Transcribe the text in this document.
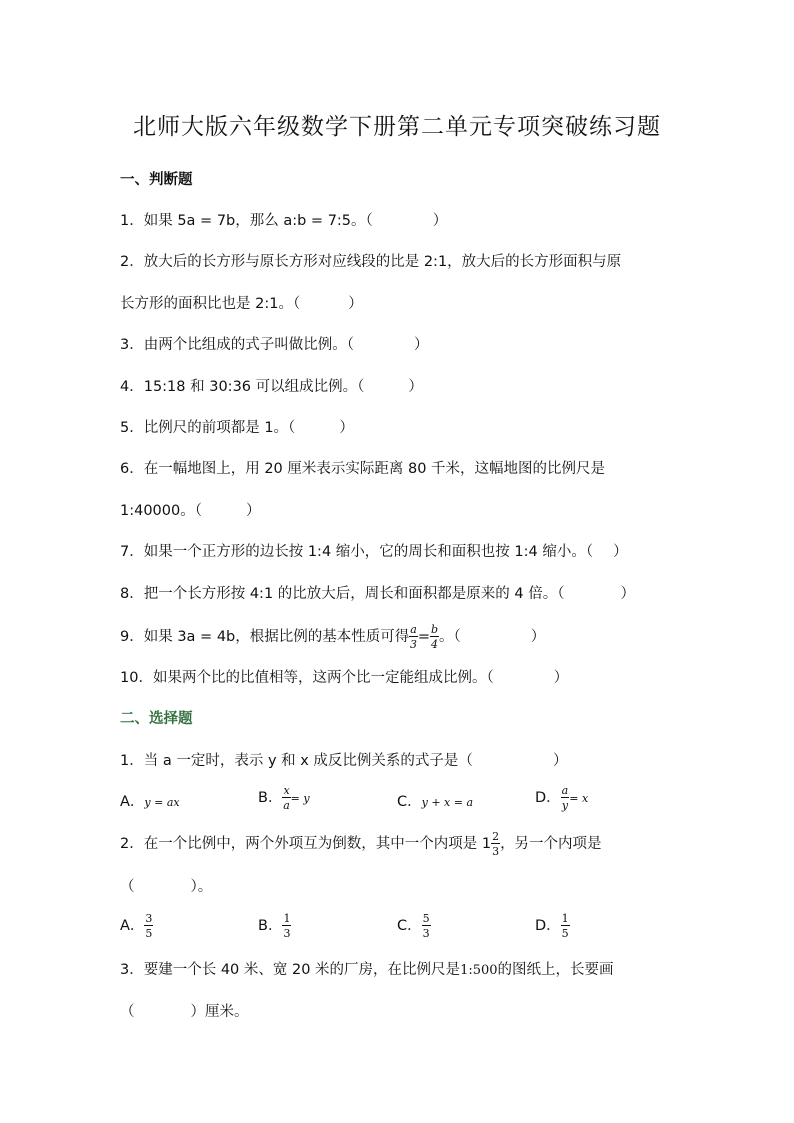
北师大版六年级数学下册第二单元专项突破练习题
一、判断题
1．如果 5a = 7b，那么 a:b = 7:5。（	）
2．放大后的长方形与原长方形对应线段的比是 2:1，放大后的长方形面积与原
长方形的面积比也是 2:1。（	）
3．由两个比组成的式子叫做比例。（	）
4．15:18 和 30:36 可以组成比例。（	）
5．比例尺的前项都是 1。（	）
6．在一幅地图上，用 20 厘米表示实际距离 80 千米，这幅地图的比例尺是
1:40000。（	）
7．如果一个正方形的边长按 1:4 缩小，它的周长和面积也按 1:4 缩小。（ ）
8．把一个长方形按 4:1 的比放大后，周长和面积都是原来的 4 倍。（	）
9．如果 3a = 4b，根据比例的基本性质可得 $\frac{a}{3} = \frac{b}{4}$ 。（	）
10．如果两个比的比值相等，这两个比一定能组成比例。（	）
二、选择题
1．当 a 一定时，表示 y 和 x 成反比例关系的式子是（	）
A．y = ax	B． $\frac{x}{a} = y$	C．y + x = a	D． $\frac{a}{y} = x$
2．在一个比例中，两个外项互为倒数，其中一个内项是 $1 \frac{2}{3}$ ，另一个内项是
（	）。
A． $\frac{3}{5}$	B． $\frac{1}{3}$	C． $\frac{5}{3}$	D． $\frac{1}{5}$
3．要建一个长 40 米、宽 20 米的厂房，在比例尺是1:500的图纸上，长要画
（	）厘米。
